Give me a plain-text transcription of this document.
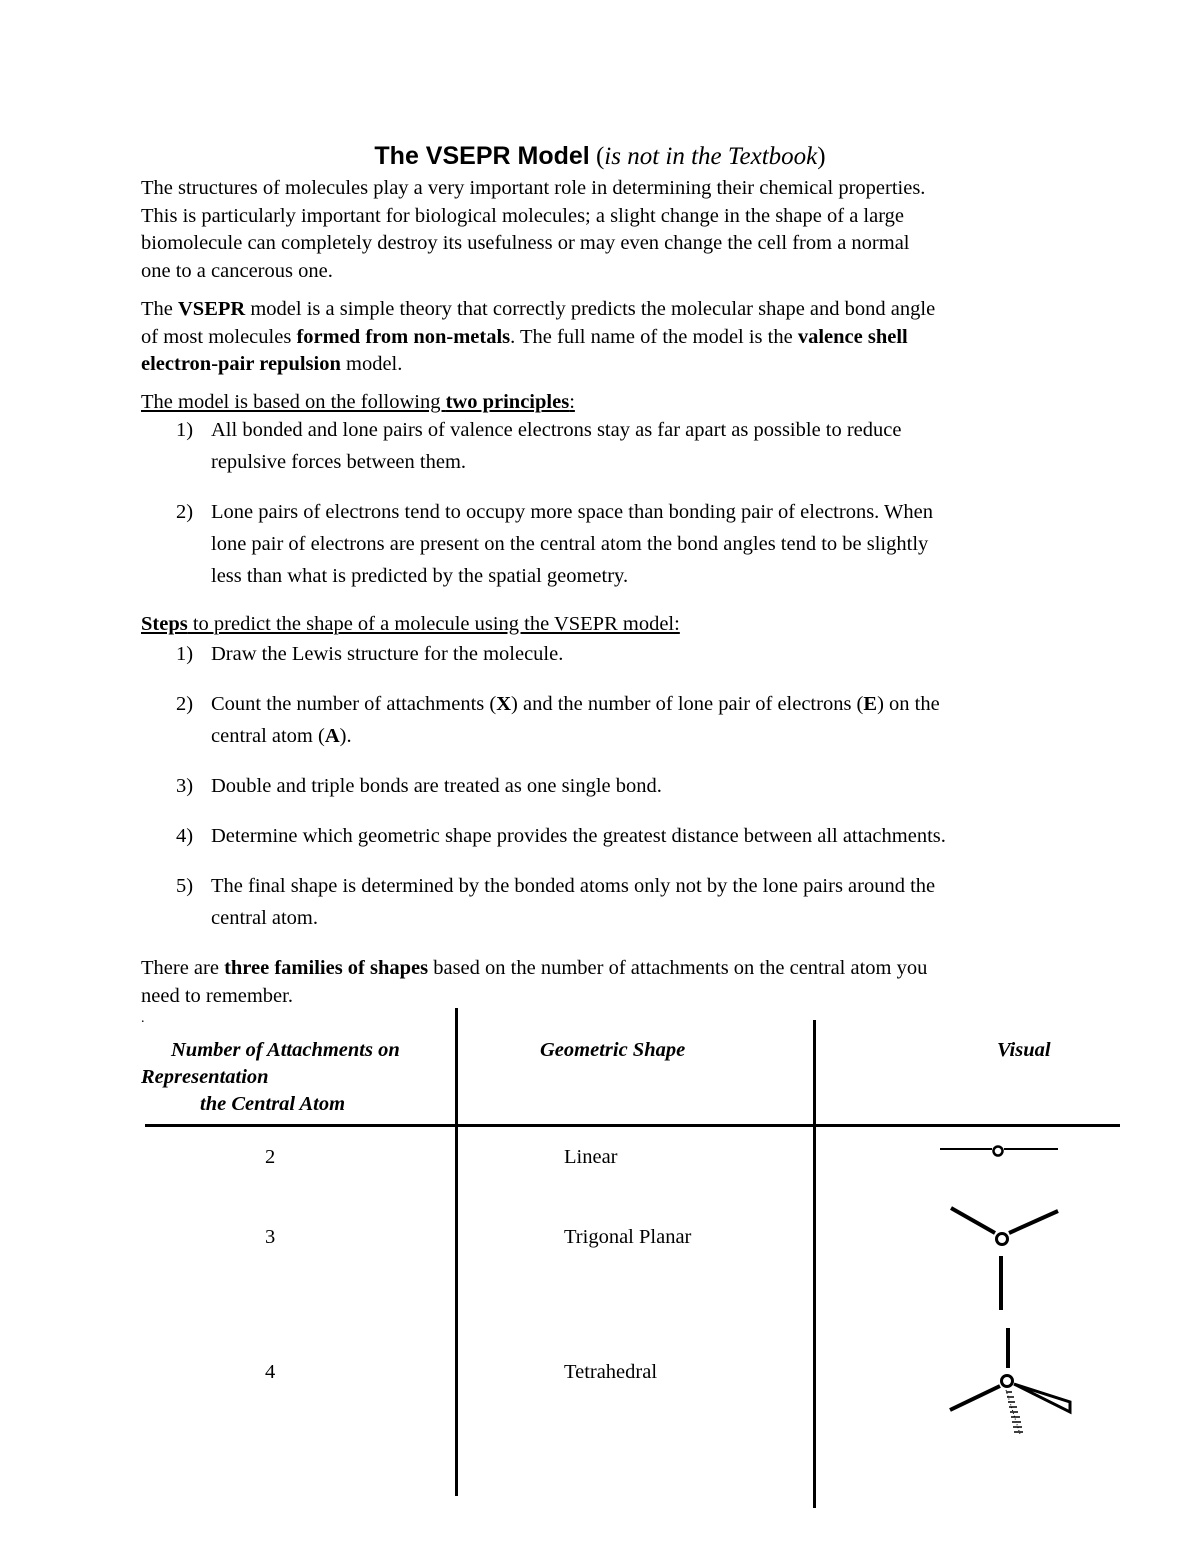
The VSEPR Model (is not in the Textbook)
The structures of molecules play a very important role in determining their chemical properties.
This is particularly important for biological molecules; a slight change in the shape of a large
biomolecule can completely destroy its usefulness or may even change the cell from a normal
one to a cancerous one.
The VSEPR model is a simple theory that correctly predicts the molecular shape and bond angle
of most molecules formed from non-metals. The full name of the model is the valence shell
electron-pair repulsion model.
The model is based on the following two principles:
1) All bonded and lone pairs of valence electrons stay as far apart as possible to reduce
repulsive forces between them.
2) Lone pairs of electrons tend to occupy more space than bonding pair of electrons. When
lone pair of electrons are present on the central atom the bond angles tend to be slightly
less than what is predicted by the spatial geometry.
Steps to predict the shape of a molecule using the VSEPR model:
1) Draw the Lewis structure for the molecule.
2) Count the number of attachments (X) and the number of lone pair of electrons (E) on the
central atom (A).
3) Double and triple bonds are treated as one single bond.
4) Determine which geometric shape provides the greatest distance between all attachments.
5) The final shape is determined by the bonded atoms only not by the lone pairs around the
central atom.
There are three families of shapes based on the number of attachments on the central atom you
need to remember.
.
Number of Attachments on
Representation
the Central Atom
Geometric Shape	Visual
2	Linear
3	Trigonal Planar
4	Tetrahedral
